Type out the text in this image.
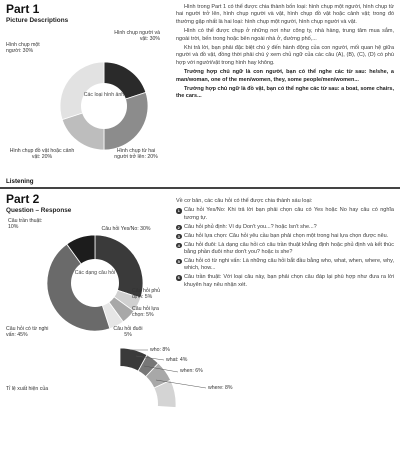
Part 1
Picture Descriptions
Các loại hình ảnh
Hình chụp một người: 30%
Hình chụp người và vật: 30%
Hình chụp đồ vật hoặc cảnh vật: 20%
Hình chụp từ hai người trở lên: 20%

Hình trong Part 1 có thể được chia thành bốn loại: hình chụp một người, hình chụp từ hai người trở lên, hình chụp người và vật, hình chụp đồ vật hoặc cảnh vật; trong đó thường gặp nhất là hai loại: hình chụp một người, hình chụp người và vật.

Hình có thể được chụp ở những nơi như công ty, nhà hàng, trung tâm mua sắm, ngoài trời, bến trong hoặc bên ngoài nhà ở, đường phố,...

Khi trả lời, bạn phải đặc biệt chú ý đến hành động của con người, mối quan hệ giữa người và đồ vật, đồng thời phải chú ý xem chủ ngữ của các câu (A), (B), (C), (D) có phù hợp với người/vật trong hình hay không.

Trường hợp chủ ngữ là con người, bạn có thể nghe các từ sau: he/she, a man/woman, one of the men/women, they, some people/men/women...

Trường hợp chủ ngữ là đồ vật, bạn có thể nghe các từ sau: a boat, some chairs, the cars...

Listening
Part 2
Question – Response
Các dạng câu hỏi
Câu trần thuật: 10%	Câu hỏi Yes/No: 30%
Câu hỏi phủ định: 5%
Câu hỏi lựa chọn: 5%
Câu hỏi đuôi 5%
Câu hỏi có từ nghi vấn: 45%

Về cơ bản, các câu hỏi có thể được chia thành sáu loại:

1 Câu hỏi Yes/No: Khi trả lời bạn phải chọn câu có Yes hoặc No hay câu có nghĩa tương tự.
2 Câu hỏi phủ định: Ví dụ Don't you...? hoặc Isn't she...?
3 Câu hỏi lựa chọn: Câu hỏi yêu cầu bạn phải chọn một trong hai lựa chọn được nêu.
4 Câu hỏi đuôi: Là dạng câu hỏi có câu trần thuật khẳng định hoặc phủ định và kết thúc bằng phần đuôi như don't you? hoặc is she?
5 Câu hỏi có từ nghi vấn: Là những câu hỏi bắt đầu bằng who, what, when, where, why, which, how...
6 Câu trần thuật: Với loại câu này, bạn phải chọn câu đáp lại phù hợp như đưa ra lời khuyên hay nêu nhận xét.
who: 8%
what: 4%
when: 6%
where: 8%
Tỉ lệ xuất hiện của
